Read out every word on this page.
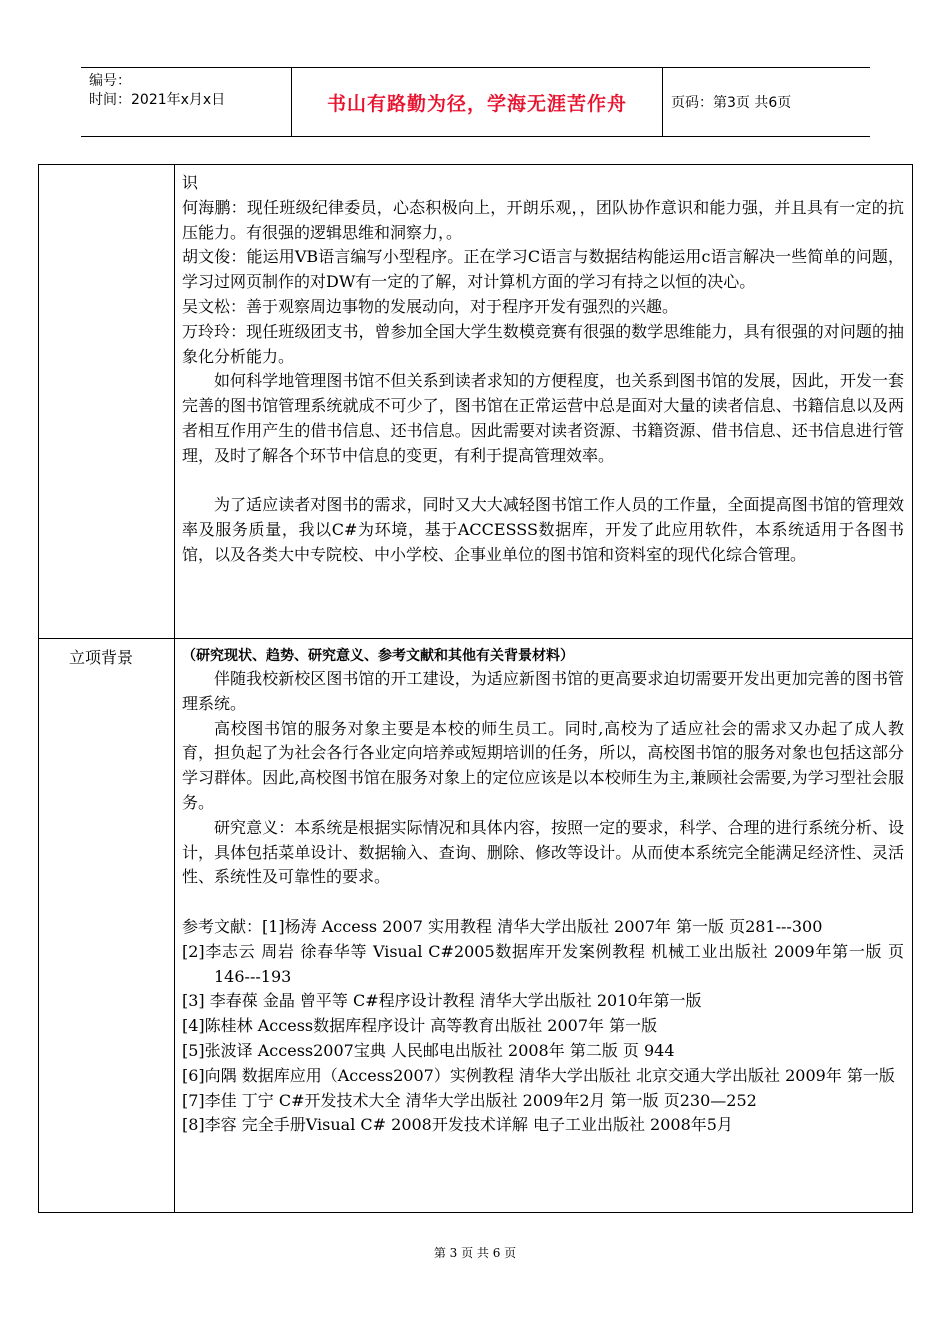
编号：
时间：2021年x月x日	书山有路勤为径，学海无涯苦作舟	页码：第3页 共6页

识

何海鹏：现任班级纪律委员，心态积极向上，开朗乐观，，团队协作意识和能力强，并且具有一定的抗压能力。有很强的逻辑思维和洞察力，。

胡文俊：能运用VB语言编写小型程序。正在学习C语言与数据结构能运用c语言解决一些简单的问题，学习过网页制作的对DW有一定的了解，对计算机方面的学习有持之以恒的决心。

吴文松：善于观察周边事物的发展动向，对于程序开发有强烈的兴趣。

万玲玲：现任班级团支书，曾参加全国大学生数模竞赛有很强的数学思维能力，具有很强的对问题的抽象化分析能力。

如何科学地管理图书馆不但关系到读者求知的方便程度，也关系到图书馆的发展，因此，开发一套完善的图书馆管理系统就成不可少了，图书馆在正常运营中总是面对大量的读者信息、书籍信息以及两者相互作用产生的借书信息、还书信息。因此需要对读者资源、书籍资源、借书信息、还书信息进行管理，及时了解各个环节中信息的变更，有利于提高管理效率。

为了适应读者对图书的需求，同时又大大减轻图书馆工作人员的工作量，全面提高图书馆的管理效率及服务质量，我以C#为环境，基于ACCESSS数据库，开发了此应用软件，本系统适用于各图书馆，以及各类大中专院校、中小学校、企事业单位的图书馆和资料室的现代化综合管理。

立项背景	（研究现状、趋势、研究意义、参考文献和其他有关背景材料）

伴随我校新校区图书馆的开工建设，为适应新图书馆的更高要求迫切需要开发出更加完善的图书管理系统。

高校图书馆的服务对象主要是本校的师生员工。同时,高校为了适应社会的需求又办起了成人教育，担负起了为社会各行各业定向培养或短期培训的任务，所以，高校图书馆的服务对象也包括这部分学习群体。因此,高校图书馆在服务对象上的定位应该是以本校师生为主,兼顾社会需要,为学习型社会服务。

研究意义：本系统是根据实际情况和具体内容，按照一定的要求，科学、合理的进行系统分析、设计，具体包括菜单设计、数据输入、查询、删除、修改等设计。从而使本系统完全能满足经济性、灵活性、系统性及可靠性的要求。

参考文献：[1]杨涛 Access 2007 实用教程 清华大学出版社 2007年 第一版 页281---300

[2]李志云 周岩 徐春华等 Visual C#2005数据库开发案例教程 机械工业出版社 2009年第一版 页146---193

[3] 李春葆 金晶 曾平等 C#程序设计教程 清华大学出版社 2010年第一版

[4]陈桂林 Access数据库程序设计 高等教育出版社 2007年 第一版

[5]张波译 Access2007宝典 人民邮电出版社 2008年 第二版 页 944

[6]向隅 数据库应用（Access2007）实例教程 清华大学出版社 北京交通大学出版社 2009年 第一版

[7]李佳 丁宁 C#开发技术大全 清华大学出版社 2009年2月 第一版 页230—252

[8]李容 完全手册Visual C# 2008开发技术详解 电子工业出版社 2008年5月

第 3 页 共 6 页
